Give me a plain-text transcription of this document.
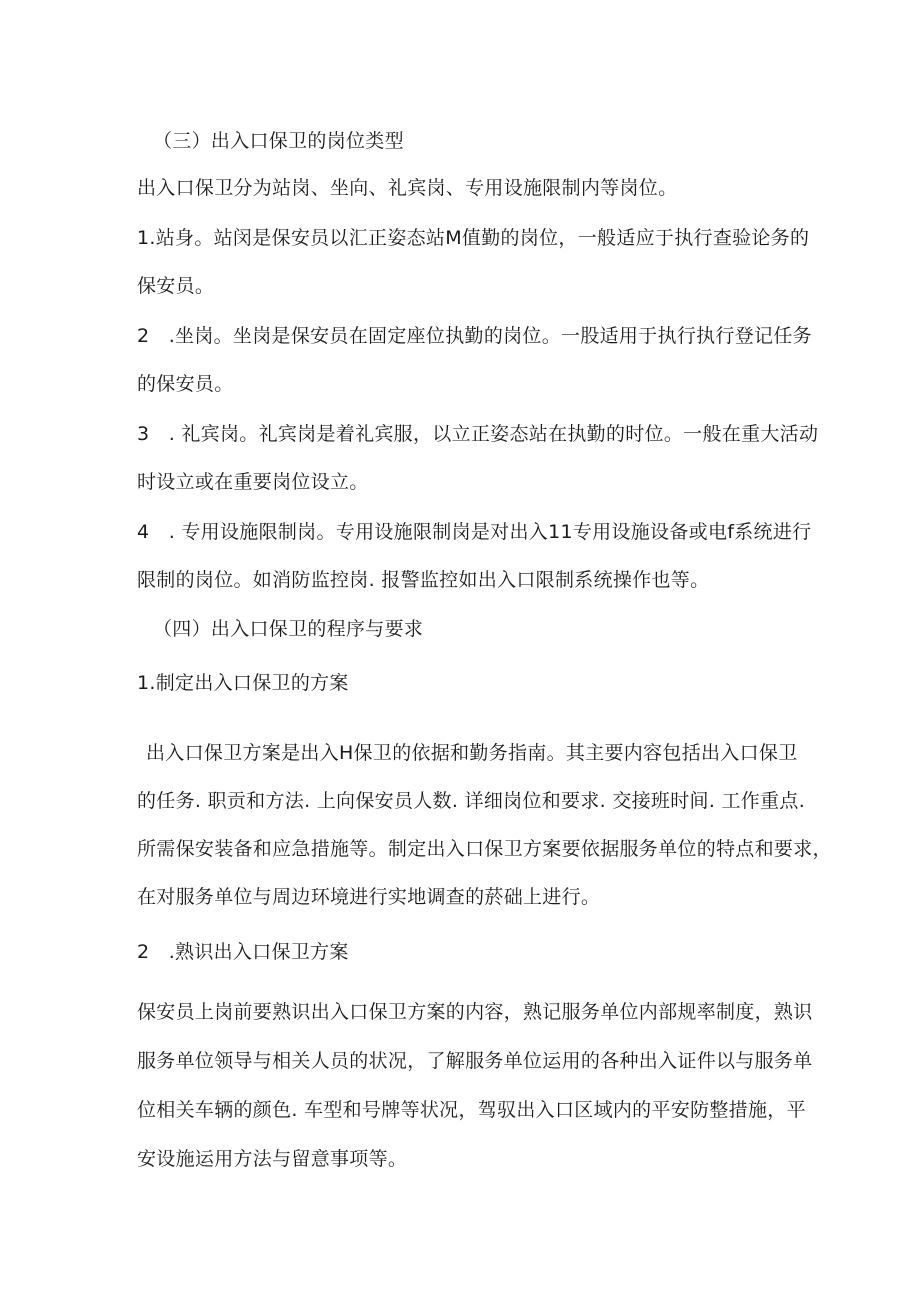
（三）出入口保卫的岗位类型
出入口保卫分为站岗、坐向、礼宾岗、专用设施限制内等岗位。
1.站身。站闵是保安员以汇正姿态站M值勤的岗位，一般适应于执行查验论务的
保安员。
2　.坐岗。坐岗是保安员在固定座位执勤的岗位。一股适用于执行执行登记任务
的保安员。
3　. 礼宾岗。礼宾岗是着礼宾服，以立正姿态站在执勤的时位。一般在重大活动
时设立或在重要岗位设立。
4　. 专用设施限制岗。专用设施限制岗是对出入11专用设施设备或电f系统进行
限制的岗位。如消防监控岗. 报警监控如出入口限制系统操作也等。
（四）出入口保卫的程序与要求
1.制定出入口保卫的方案
出入口保卫方案是出入H保卫的依据和勤务指南。其主要内容包括出入口保卫
的任务. 职贡和方法. 上向保安员人数. 详细岗位和要求. 交接班时间. 工作重点.
所需保安装备和应急措施等。制定出入口保卫方案要依据服务单位的特点和要求，
在对服务单位与周边环境进行实地调查的菸础上进行。
2　.熟识出入口保卫方案
保安员上岗前要熟识出入口保卫方案的内容，熟记服务单位内部规率制度，熟识
服务单位领导与相关人员的状况，了解服务单位运用的各种出入证件以与服务单
位相关车辆的颜色. 车型和号牌等状况，驾驭出入口区域内的平安防整措施，平
安设施运用方法与留意事项等。
